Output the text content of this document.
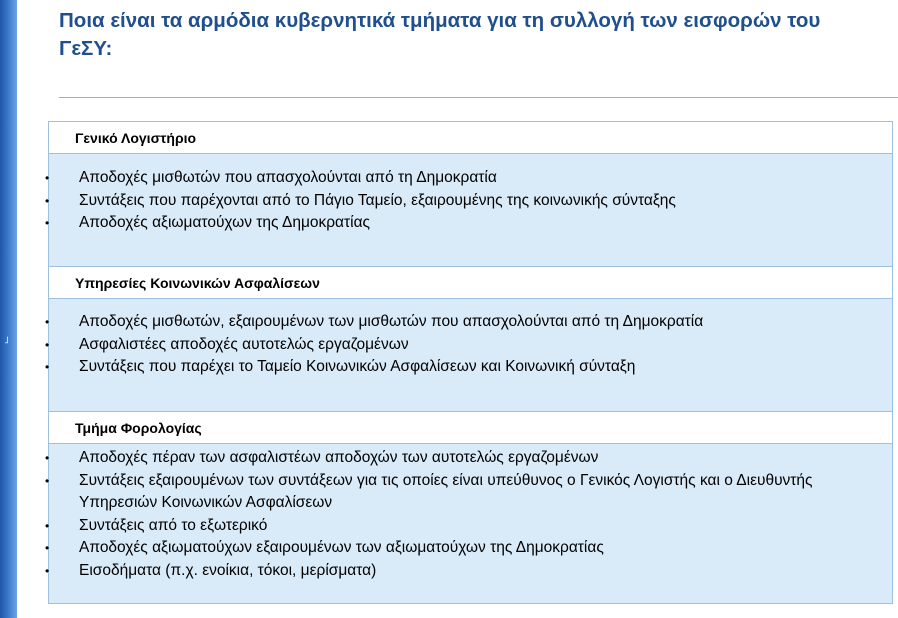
˩
Ποια είναι τα αρμόδια κυβερνητικά τμήματα για τη συλλογή των εισφορών του ΓεΣΥ:
Γενικό Λογιστήριο
• Αποδοχές μισθωτών που απασχολούνται από τη Δημοκρατία
• Συντάξεις που παρέχονται από το Πάγιο Ταμείο, εξαιρουμένης της κοινωνικής σύνταξης
• Αποδοχές αξιωματούχων της Δημοκρατίας
Υπηρεσίες Κοινωνικών Ασφαλίσεων
• Αποδοχές μισθωτών, εξαιρουμένων των μισθωτών που απασχολούνται από τη Δημοκρατία
• Ασφαλιστέες αποδοχές αυτοτελώς εργαζομένων
• Συντάξεις που παρέχει το Ταμείο Κοινωνικών Ασφαλίσεων και Κοινωνική σύνταξη
Τμήμα Φορολογίας
• Αποδοχές πέραν των ασφαλιστέων αποδοχών των αυτοτελώς εργαζομένων
• Συντάξεις εξαιρουμένων των συντάξεων για τις οποίες είναι υπεύθυνος ο Γενικός Λογιστής και ο Διευθυντής Υπηρεσιών Κοινωνικών Ασφαλίσεων
• Συντάξεις από το εξωτερικό
• Αποδοχές αξιωματούχων εξαιρουμένων των αξιωματούχων της Δημοκρατίας
• Εισοδήματα (π.χ. ενοίκια, τόκοι, μερίσματα)
